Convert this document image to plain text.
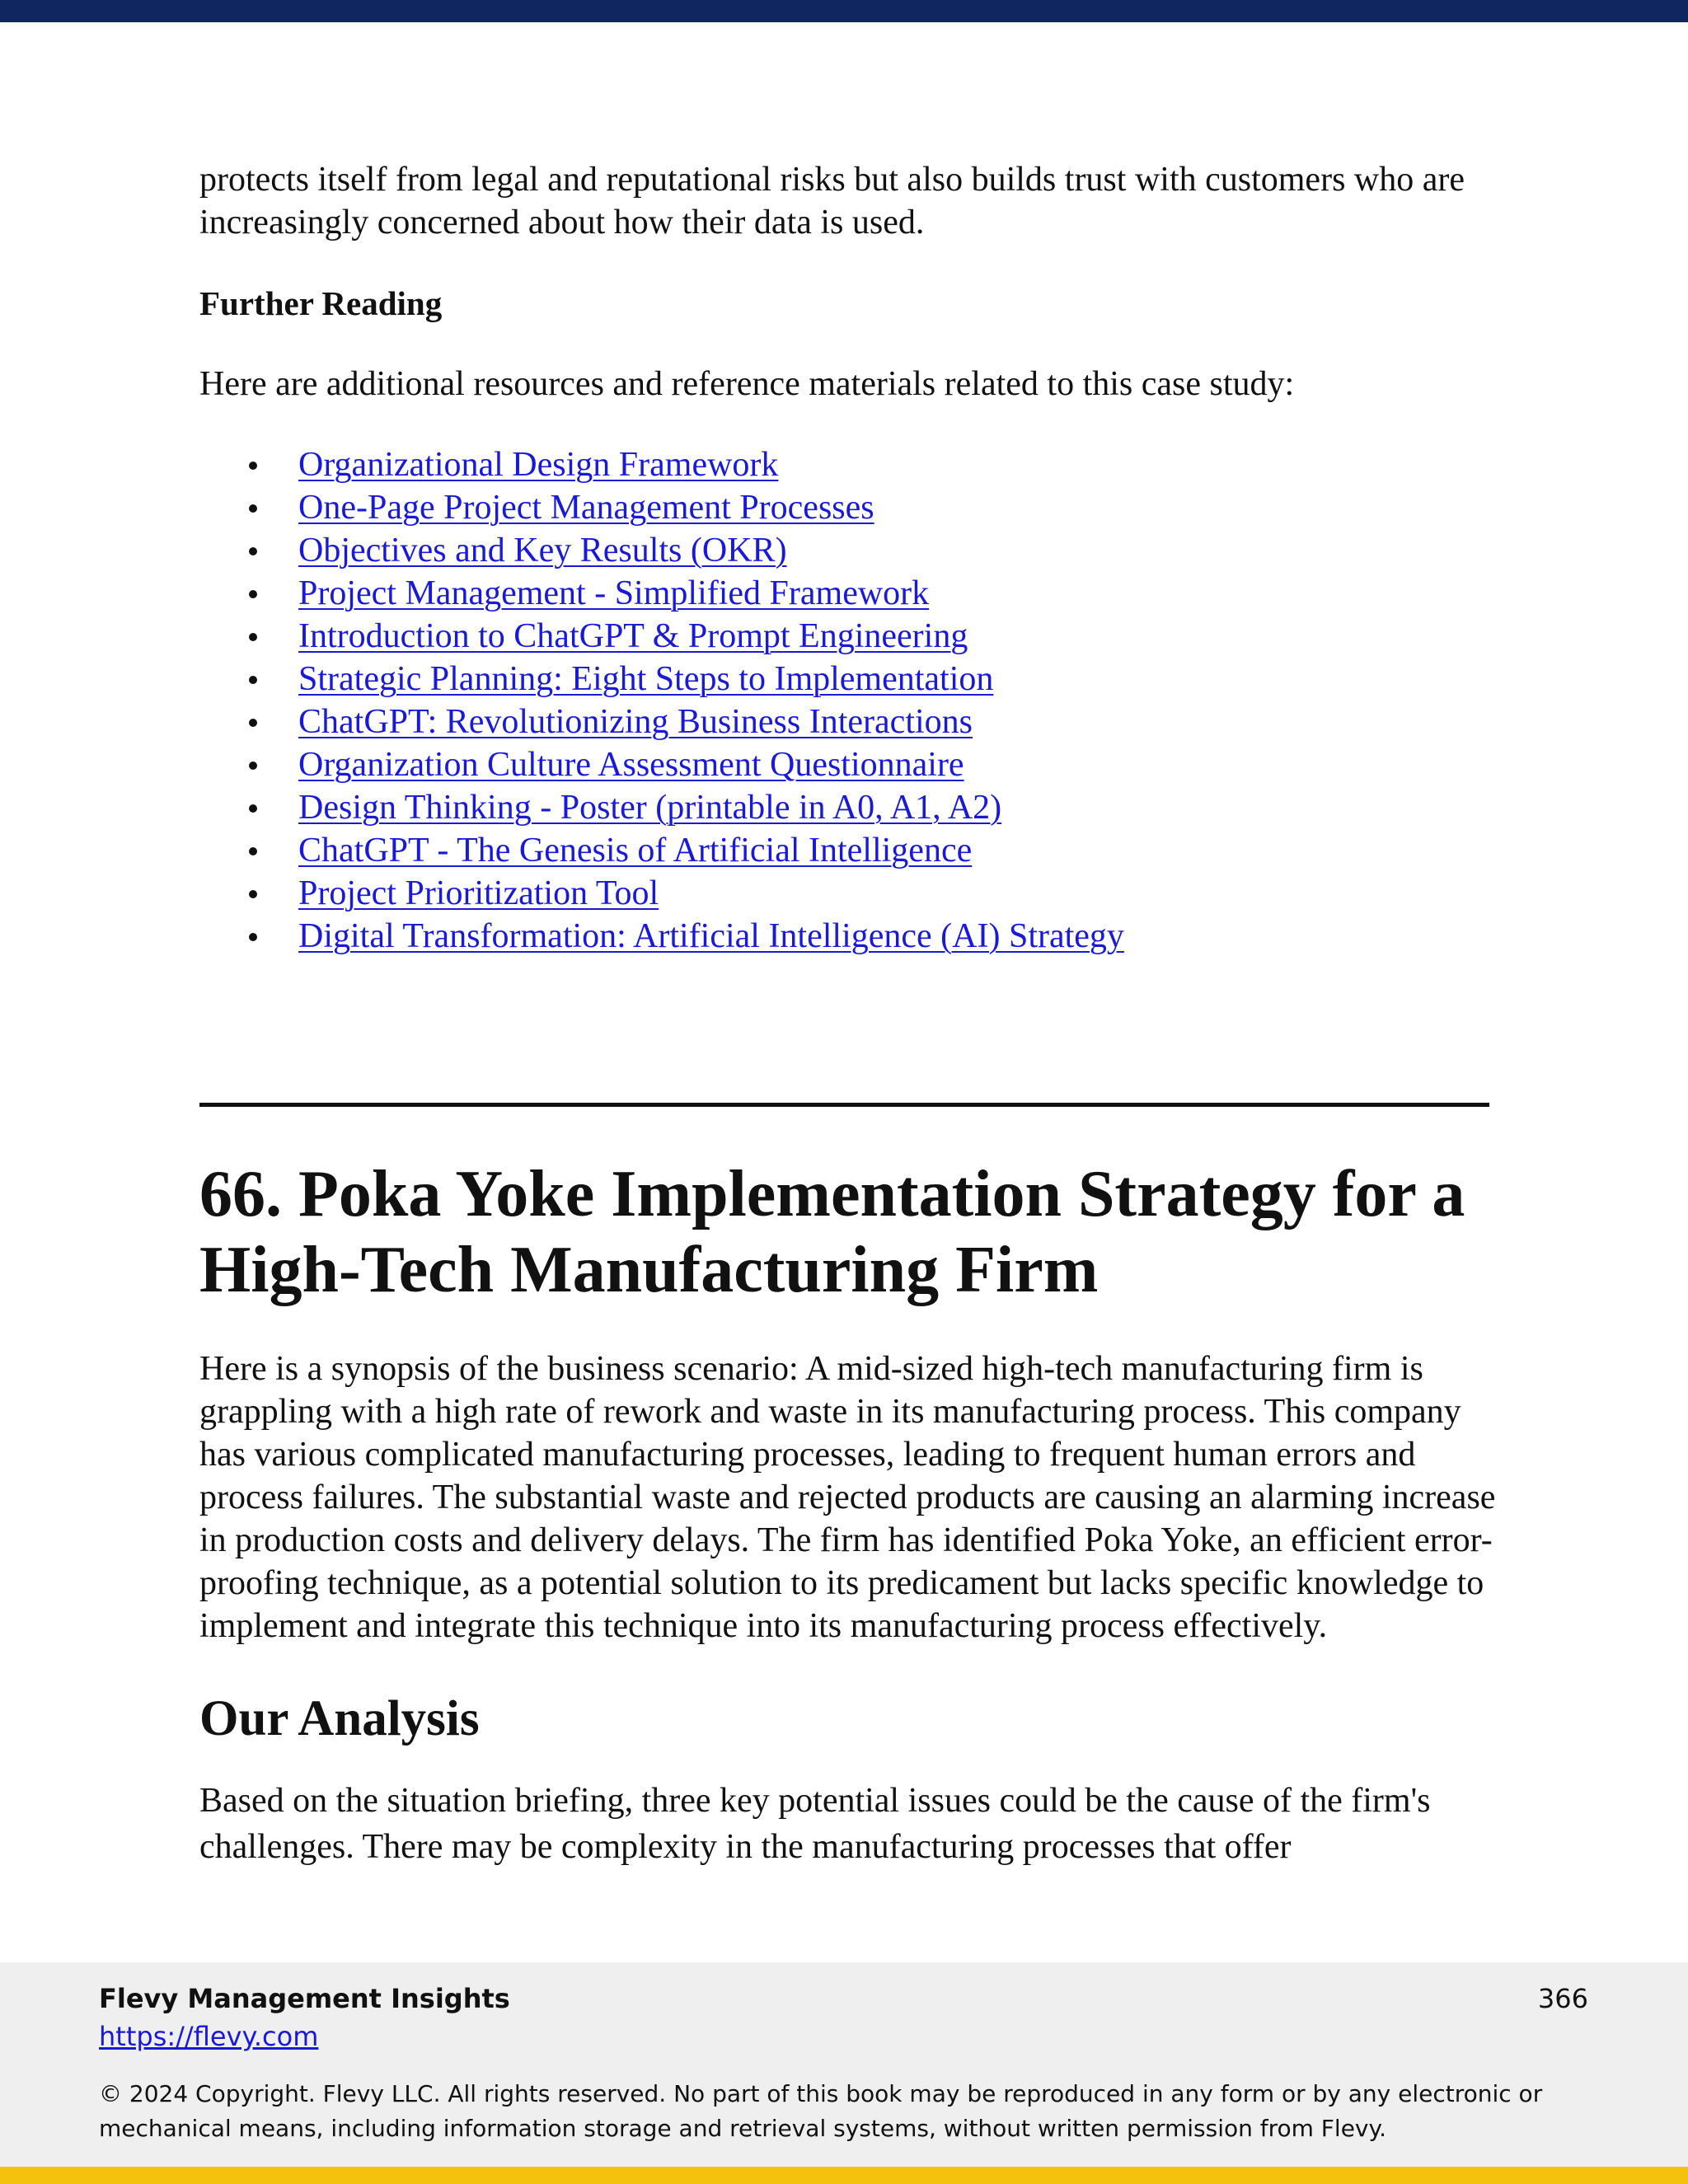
protects itself from legal and reputational risks but also builds trust with customers who are increasingly concerned about how their data is used.

Further Reading

Here are additional resources and reference materials related to this case study:

Organizational Design Framework
One-Page Project Management Processes
Objectives and Key Results (OKR)
Project Management - Simplified Framework
Introduction to ChatGPT & Prompt Engineering
Strategic Planning: Eight Steps to Implementation
ChatGPT: Revolutionizing Business Interactions
Organization Culture Assessment Questionnaire
Design Thinking - Poster (printable in A0, A1, A2)
ChatGPT - The Genesis of Artificial Intelligence
Project Prioritization Tool
Digital Transformation: Artificial Intelligence (AI) Strategy
66. Poka Yoke Implementation Strategy for a High-Tech Manufacturing Firm

Here is a synopsis of the business scenario: A mid-sized high-tech manufacturing firm is grappling with a high rate of rework and waste in its manufacturing process. This company has various complicated manufacturing processes, leading to frequent human errors and process failures. The substantial waste and rejected products are causing an alarming increase in production costs and delivery delays. The firm has identified Poka Yoke, an efficient error-proofing technique, as a potential solution to its predicament but lacks specific knowledge to implement and integrate this technique into its manufacturing process effectively.

Our Analysis

Based on the situation briefing, three key potential issues could be the cause of the firm's challenges. There may be complexity in the manufacturing processes that offer

Flevy Management Insights
https://flevy.com
366
© 2024 Copyright. Flevy LLC. All rights reserved. No part of this book may be reproduced in any form or by any electronic or mechanical means, including information storage and retrieval systems, without written permission from Flevy.
